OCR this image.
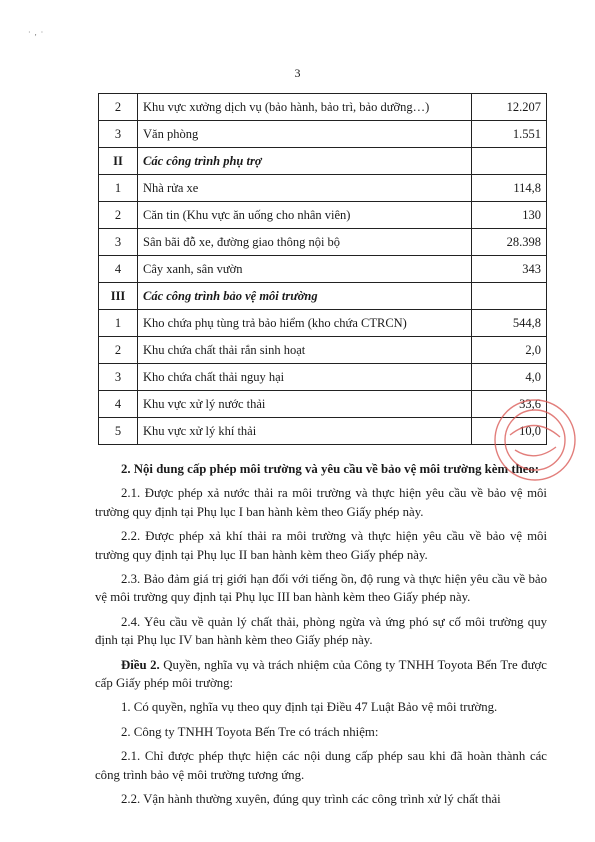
·  ,  ·
3
2	Khu vực xưởng dịch vụ (bảo hành, bảo trì, bảo dưỡng…)	12.207
3	Văn phòng	1.551
II	Các công trình phụ trợ	
1	Nhà rửa xe	114,8
2	Căn tin (Khu vực ăn uống cho nhân viên)	130
3	Sân bãi đỗ xe, đường giao thông nội bộ	28.398
4	Cây xanh, sân vườn	343
III	Các công trình bảo vệ môi trường	
1	Kho chứa phụ tùng trả bảo hiểm (kho chứa CTRCN)	544,8
2	Khu chứa chất thải rắn sinh hoạt	2,0
3	Kho chứa chất thải nguy hại	4,0
4	Khu vực xử lý nước thải	33,6
5	Khu vực xử lý khí thải	10,0

2. Nội dung cấp phép môi trường và yêu cầu về bảo vệ môi trường kèm theo:

2.1. Được phép xả nước thải ra môi trường và thực hiện yêu cầu về bảo vệ môi trường quy định tại Phụ lục I ban hành kèm theo Giấy phép này.

2.2. Được phép xả khí thải ra môi trường và thực hiện yêu cầu về bảo vệ môi trường quy định tại Phụ lục II ban hành kèm theo Giấy phép này.

2.3. Bảo đảm giá trị giới hạn đối với tiếng ồn, độ rung và thực hiện yêu cầu về bảo vệ môi trường quy định tại Phụ lục III ban hành kèm theo Giấy phép này.

2.4. Yêu cầu về quản lý chất thải, phòng ngừa và ứng phó sự cố môi trường quy định tại Phụ lục IV ban hành kèm theo Giấy phép này.

Điều 2. Quyền, nghĩa vụ và trách nhiệm của Công ty TNHH Toyota Bến Tre được cấp Giấy phép môi trường:

1. Có quyền, nghĩa vụ theo quy định tại Điều 47 Luật Bảo vệ môi trường.

2. Công ty TNHH Toyota Bến Tre có trách nhiệm:

2.1. Chỉ được phép thực hiện các nội dung cấp phép sau khi đã hoàn thành các công trình bảo vệ môi trường tương ứng.

2.2. Vận hành thường xuyên, đúng quy trình các công trình xử lý chất thải
